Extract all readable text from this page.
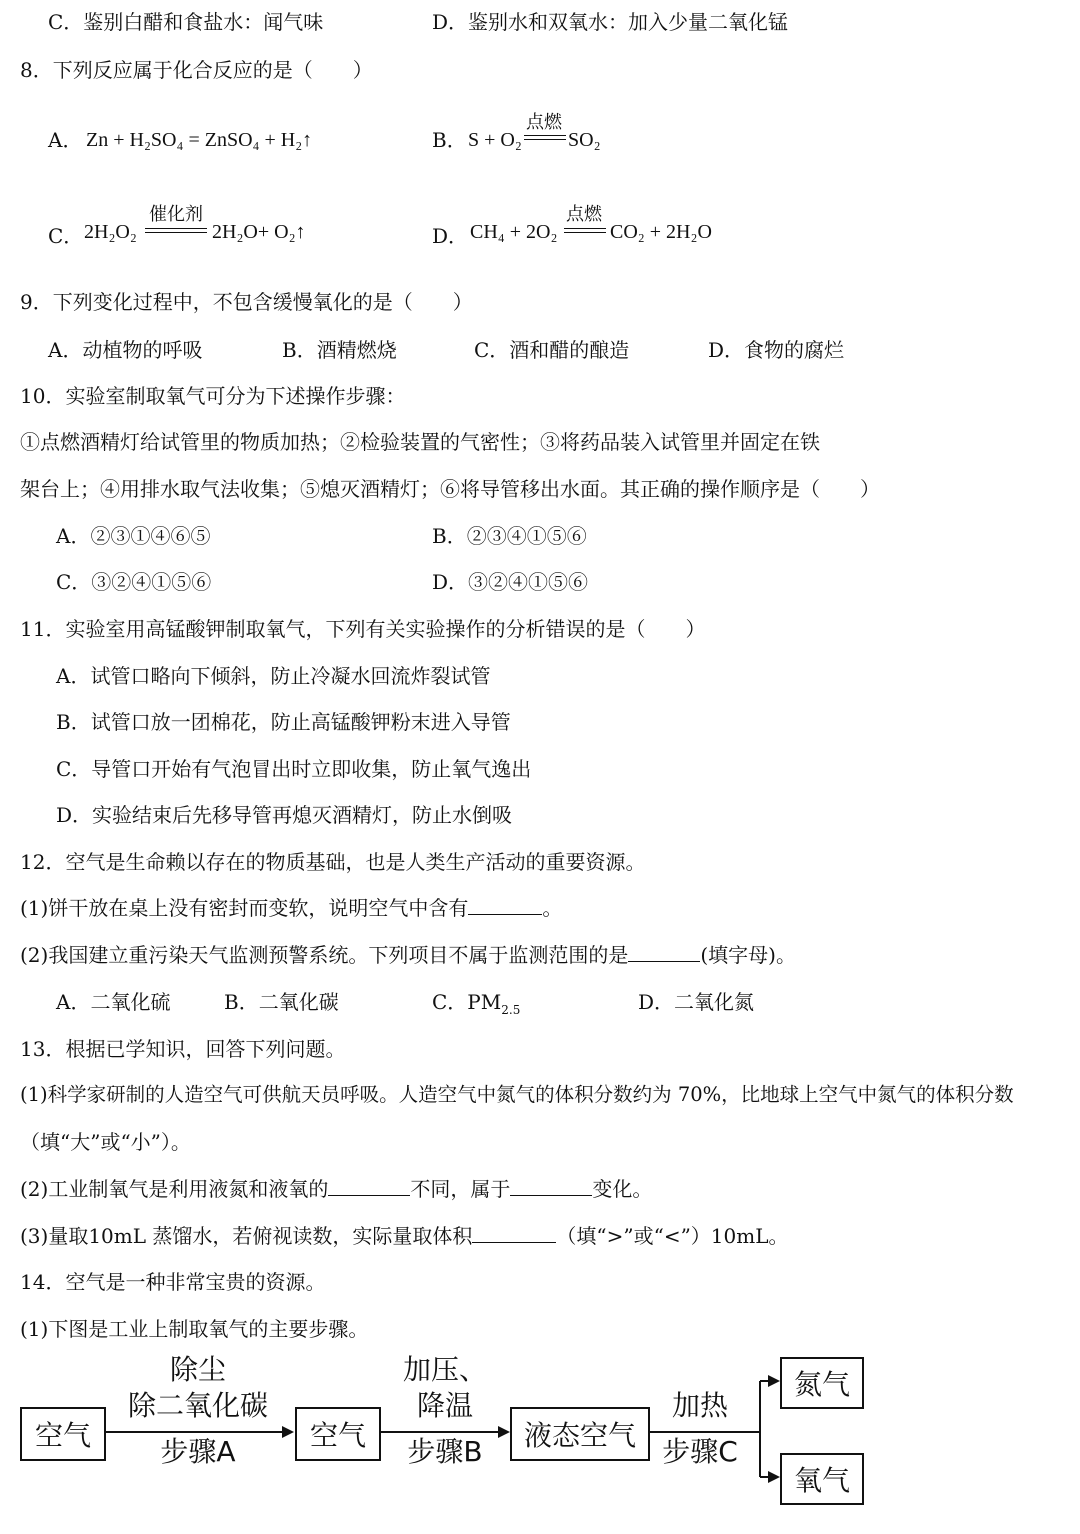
C．鉴别白醋和食盐水：闻气味	D．鉴别水和双氧水：加入少量二氧化锰
8．下列反应属于化合反应的是（　　）
A． Zn + H₂SO₄ = ZnSO₄ + H₂↑	B． S + O₂
点燃
SO₂
C． 2H₂O₂
催化剂
2H₂O+ O₂↑	D． CH₄ + 2O₂
点燃
CO₂ + 2H₂O
9．下列变化过程中，不包含缓慢氧化的是（　　）
A．动植物的呼吸	B．酒精燃烧	C．酒和醋的酿造	D．食物的腐烂
10．实验室制取氧气可分为下述操作步骤：
①点燃酒精灯给试管里的物质加热；②检验装置的气密性；③将药品装入试管里并固定在铁
架台上；④用排水取气法收集；⑤熄灭酒精灯；⑥将导管移出水面。其正确的操作顺序是（　　）
A．②③①④⑥⑤	B．②③④①⑤⑥
C．③②④①⑤⑥	D．③②④①⑤⑥
11．实验室用高锰酸钾制取氧气，下列有关实验操作的分析错误的是（　　）
A．试管口略向下倾斜，防止冷凝水回流炸裂试管
B．试管口放一团棉花，防止高锰酸钾粉末进入导管
C．导管口开始有气泡冒出时立即收集，防止氧气逸出
D．实验结束后先移导管再熄灭酒精灯，防止水倒吸
12．空气是生命赖以存在的物质基础，也是人类生产活动的重要资源。
(1)饼干放在桌上没有密封而变软，说明空气中含有	。
(2)我国建立重污染天气监测预警系统。下列项目不属于监测范围的是	(填字母)。
A．二氧化硫	B．二氧化碳	C．$PM_{2.5}$	D．二氧化氮
13．根据已学知识，回答下列问题。
(1)科学家研制的人造空气可供航天员呼吸。人造空气中氮气的体积分数约为 70%，比地球上空气中氮气的体积分数
（填“大”或“小”）。
(2)工业制氧气是利用液氮和液氧的	不同，属于	变化。
(3)量取10mL 蒸馏水，若俯视读数，实际量取体积	（填“>”或“<”）10mL。
14．空气是一种非常宝贵的资源。
(1)下图是工业上制取氧气的主要步骤。
空气	空气	液态空气
氮气
氧气
除尘
除二氧化碳
步骤A
加压、
降温
步骤B
加热
步骤C
